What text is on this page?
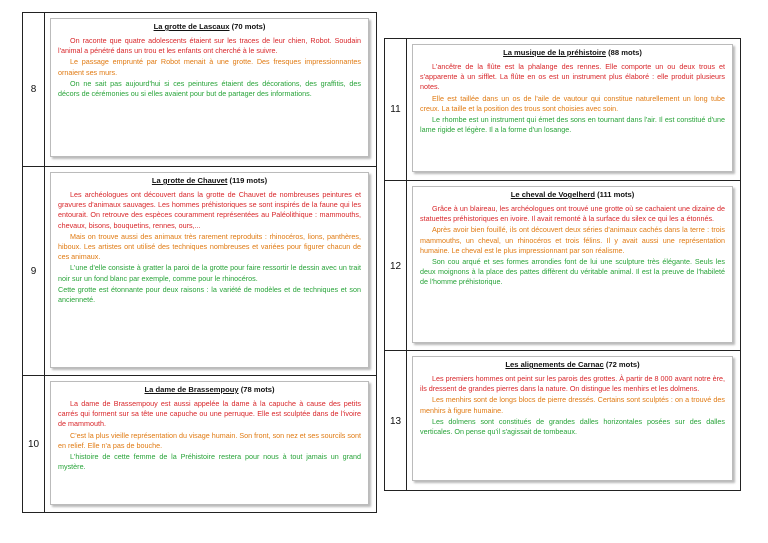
8
La grotte de Lascaux (70 mots)

On raconte que quatre adolescents étaient sur les traces de leur chien, Robot. Soudain l'animal a pénétré dans un trou et les enfants ont cherché à le suivre.

Le passage emprunté par Robot menait à une grotte. Des fresques impressionnantes ornaient ses murs.

On ne sait pas aujourd'hui si ces peintures étaient des décorations, des graffitis, des décors de cérémonies ou si elles avaient pour but de partager des informations.

9
La grotte de Chauvet (119 mots)

Les archéologues ont découvert dans la grotte de Chauvet de nombreuses peintures et gravures d'animaux sauvages. Les hommes préhistoriques se sont inspirés de la faune qui les entourait. On retrouve des espèces couramment représentées au Paléolithique : mammouths, chevaux, bisons, bouquetins, rennes, ours,...

Mais on trouve aussi des animaux très rarement reproduits : rhinocéros, lions, panthères, hiboux. Les artistes ont utilisé des techniques nombreuses et variées pour figurer chacun de ces animaux.

L'une d'elle consiste à gratter la paroi de la grotte pour faire ressortir le dessin avec un trait noir sur un fond blanc par exemple, comme pour le rhinocéros.

Cette grotte est étonnante pour deux raisons : la variété de modèles et de techniques et son ancienneté.

10
La dame de Brassempouy (78 mots)

La dame de Brassempouy est aussi appelée la dame à la capuche à cause des petits carrés qui forment sur sa tête une capuche ou une perruque. Elle est sculptée dans de l'ivoire de mammouth.

C'est la plus vieille représentation du visage humain. Son front, son nez et ses sourcils sont en relief. Elle n'a pas de bouche.

L'histoire de cette femme de la Préhistoire restera pour nous à tout jamais un grand mystère.

11
La musique de la préhistoire (88 mots)

L'ancêtre de la flûte est la phalange des rennes. Elle comporte un ou deux trous et s'apparente à un sifflet. La flûte en os est un instrument plus élaboré : elle produit plusieurs notes.

Elle est taillée dans un os de l'aile de vautour qui constitue naturellement un long tube creux. La taille et la position des trous sont choisies avec soin.

Le rhombe est un instrument qui émet des sons en tournant dans l'air. Il est constitué d'une lame rigide et légère. Il a la forme d'un losange.

12
Le cheval de Vogelherd (111 mots)

Grâce à un blaireau, les archéologues ont trouvé une grotte où se cachaient une dizaine de statuettes préhistoriques en ivoire. Il avait remonté à la surface du silex ce qui les a étonnés.

Après avoir bien fouillé, ils ont découvert deux séries d'animaux cachés dans la terre : trois mammouths, un cheval, un rhinocéros et trois félins. Il y avait aussi une représentation humaine. Le cheval est le plus impressionnant par son réalisme.

Son cou arqué et ses formes arrondies font de lui une sculpture très élégante. Seuls les deux moignons à la place des pattes diffèrent du véritable animal. Il est la preuve de l'habileté de l'homme préhistorique.

13
Les alignements de Carnac (72 mots)

Les premiers hommes ont peint sur les parois des grottes. À partir de 8 000 avant notre ère, ils dressent de grandes pierres dans la nature. On distingue les menhirs et les dolmens.

Les menhirs sont de longs blocs de pierre dressés. Certains sont sculptés : on a trouvé des menhirs à figure humaine.

Les dolmens sont constitués de grandes dalles horizontales posées sur des dalles verticales. On pense qu'il s'agissait de tombeaux.
